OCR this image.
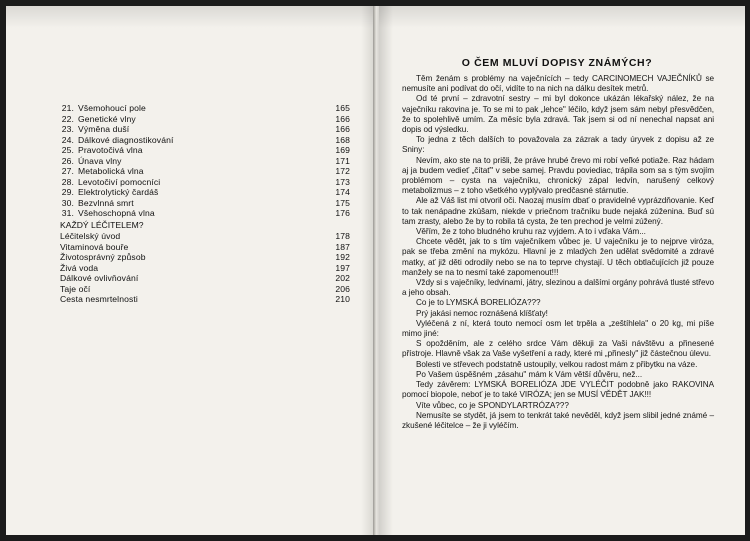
21. Všemohoucí pole	165
22. Genetické vlny	166
23. Výměna duší	166
24. Dálkové diagnostikování	168
25. Pravotočivá vlna	169
26. Únava vlny	171
27. Metabolická vlna	172
28. Levotočiví pomocníci	173
29. Elektrolytický čardáš	174
30. Bezvlnná smrt	175
31. Všehoschopná vlna	176
KAŽDÝ LÉČITELEM?
Léčitelský úvod	178
Vitaminová bouře	187
Životosprávný způsob	192
Živá voda	197
Dálkové ovlivňování	202
Taje očí	206
Cesta nesmrtelnosti	210
O ČEM MLUVÍ DOPISY ZNÁMÝCH?

Těm ženám s problémy na vaječnících – tedy CARCINOMECH VAJEČNÍKŮ se nemusíte ani podívat do očí, vidíte to na nich na dálku desítek metrů.

Od té první – zdravotní sestry – mi byl dokonce ukázán lékařský nález, že na vaječníku rakovina je. To se mi to pak „lehce" léčilo, když jsem sám nebyl přesvědčen, že to spolehlivě umím. Za měsíc byla zdravá. Tak jsem si od ní nenechal napsat ani dopis od výsledku.

To jedna z těch dalších to považovala za zázrak a tady úryvek z dopisu až ze Sniny:

Nevím, ako ste na to prišli, že práve hrubé črevo mi robí veľké potiaže. Raz hádam aj ja budem vedieť „čítať" v sebe samej. Pravdu poviediac, trápila som sa s tým svojím problémom – cysta na vaječníku, chronický zápal ledvín, narušený celkový metabolizmus – z toho všetkého vyplývalo predčasné stárnutie.

Ale až Váš list mi otvoril oči. Naozaj musím dbať o pravidelné vyprázdňovanie. Keď to tak nenápadne zkúšam, niekde v priečnom tračníku bude nejaká zúženina. Buď sú tam zrasty, alebo že by to robila tá cysta, že ten prechod je velmi zúžený.

Věřím, že z toho bludného kruhu raz vyjdem. A to i vďaka Vám...

Chcete vědět, jak to s tím vaječníkem vůbec je. U vaječníku je to nejprve viróza, pak se třeba změní na mykózu. Hlavní je z mladých žen udělat svědomité a zdravé matky, ať již děti odrodily nebo se na to teprve chystají. U těch obtlačujících již pouze manžely se na to nesmí také zapomenout!!!

Vždy si s vaječníky, ledvinami, játry, slezinou a dalšími orgány pohrává tlusté střevo a jeho obsah.

Co je to LYMSKÁ BORELIÓZA???

Prý jakási nemoc roznášená klíšťaty!

Vyléčená z ní, která touto nemocí osm let trpěla a „zeštíhlela" o 20 kg, mi píše mimo jiné:

S opožděním, ale z celého srdce Vám děkuji za Vaši návštěvu a přinesené přístroje. Hlavně však za Vaše vyšetření a rady, které mi „přinesly" již částečnou úlevu.

Bolesti ve střevech podstatně ustoupily, velkou radost mám z přibytku na váze.

Po Vašem úspěšném „zásahu" mám k Vám větší důvěru, než...

Tedy závěrem: LYMSKÁ BORELIÓZA JDE VYLÉČIT podobně jako RAKOVINA pomocí biopole, neboť je to také VIRÓZA; jen se MUSÍ VĚDĚT JAK!!!

Víte vůbec, co je SPONDYLARTRÓZA???

Nemusíte se stydět, já jsem to tenkrát také nevěděl, když jsem slibil jedné známé – zkušené léčitelce – že ji vyléčím.
